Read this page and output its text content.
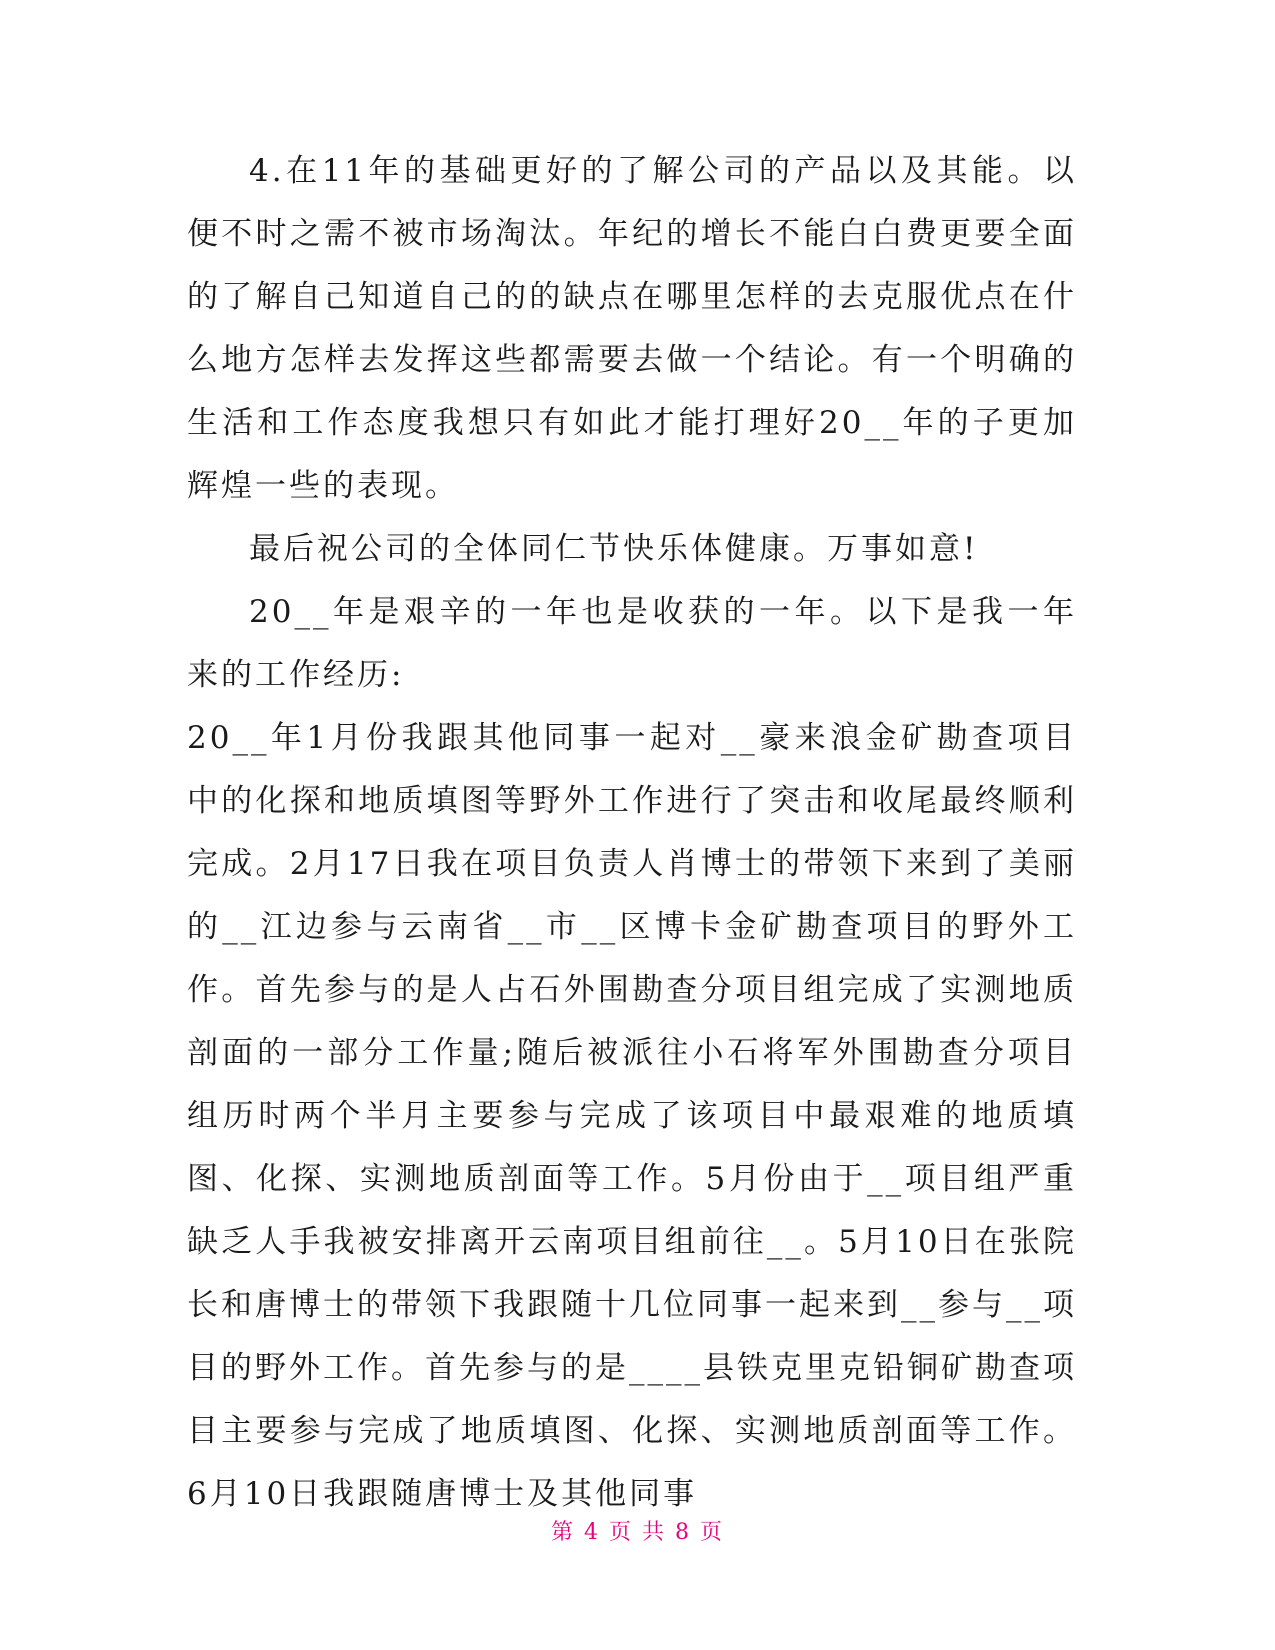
4.在11年的基础更好的了解公司的产品以及其能。以便不时之需不被市场淘汰。年纪的增长不能白白费更要全面的了解自己知道自己的的缺点在哪里怎样的去克服优点在什么地方怎样去发挥这些都需要去做一个结论。有一个明确的生活和工作态度我想只有如此才能打理好20__年的子更加辉煌一些的表现。

最后祝公司的全体同仁节快乐体健康。万事如意!

20__年是艰辛的一年也是收获的一年。以下是我一年来的工作经历:

20__年1月份我跟其他同事一起对__豪来浪金矿勘查项目中的化探和地质填图等野外工作进行了突击和收尾最终顺利完成。2月17日我在项目负责人肖博士的带领下来到了美丽的__江边参与云南省__市__区博卡金矿勘查项目的野外工作。首先参与的是人占石外围勘查分项目组完成了实测地质剖面的一部分工作量;随后被派往小石将军外围勘查分项目组历时两个半月主要参与完成了该项目中最艰难的地质填图、化探、实测地质剖面等工作。5月份由于__项目组严重缺乏人手我被安排离开云南项目组前往__。5月10日在张院长和唐博士的带领下我跟随十几位同事一起来到__参与__项目的野外工作。首先参与的是____县铁克里克铅铜矿勘查项目主要参与完成了地质填图、化探、实测地质剖面等工作。6月10日我跟随唐博士及其他同事

第 4 页 共 8 页
